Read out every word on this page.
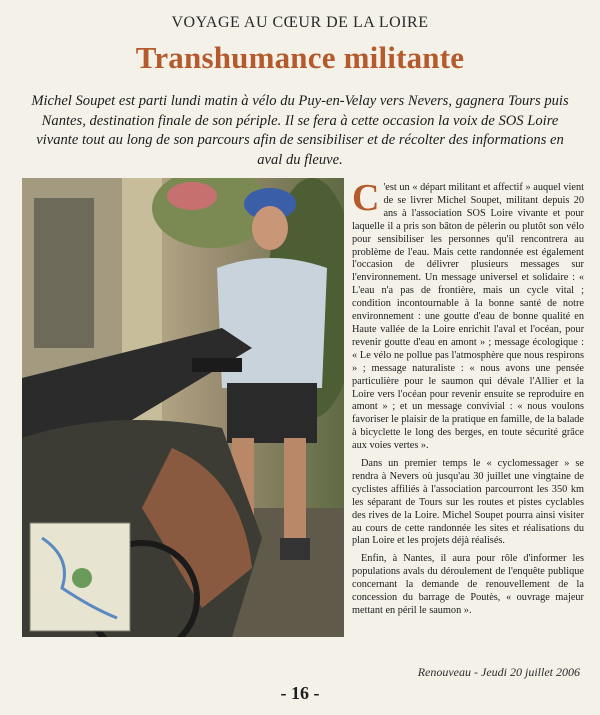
VOYAGE AU CŒUR DE LA LOIRE
Transhumance militante

Michel Soupet est parti lundi matin à vélo du Puy-en-Velay vers Nevers, gagnera Tours puis Nantes, destination finale de son périple. Il se fera à cette occasion la voix de SOS Loire vivante tout au long de son parcours afin de sensibiliser et de récolter des informations en aval du fleuve.

C 'est un « départ militant et affectif » auquel vient de se livrer Michel Soupet, militant depuis 20 ans à l'association SOS Loire vivante et pour laquelle il a pris son bâton de pèlerin ou plutôt son vélo pour sensibiliser les personnes qu'il rencontrera au problème de l'eau. Mais cette randonnée est également l'occasion de délivrer plusieurs messages sur l'environnement. Un message universel et solidaire : « L'eau n'a pas de frontière, mais un cycle vital ; condition incontournable à la bonne santé de notre environnement : une goutte d'eau de bonne qualité en Haute vallée de la Loire enrichit l'aval et l'océan, pour revenir goutte d'eau en amont » ; message écologique : « Le vélo ne pollue pas l'atmosphère que nous respirons » ; message naturaliste : « nous avons une pensée particulière pour le saumon qui dévale l'Allier et la Loire vers l'océan pour revenir ensuite se reproduire en amont » ; et un message convivial : « nous voulons favoriser le plaisir de la pratique en famille, de la balade à bicyclette le long des berges, en toute sécurité grâce aux voies vertes ».

Dans un premier temps le « cyclomessager » se rendra à Nevers où jusqu'au 30 juillet une vingtaine de cyclistes affiliés à l'association parcourront les 350 km les séparant de Tours sur les routes et pistes cyclables des rives de la Loire. Michel Soupet pourra ainsi visiter au cours de cette randonnée les sites et réalisations du plan Loire et les projets déjà réalisés.

Enfin, à Nantes, il aura pour rôle d'informer les populations avals du déroulement de l'enquête publique concernant la demande de renouvellement de la concession du barrage de Poutès, « ouvrage majeur mettant en péril le saumon ».

Renouveau - Jeudi 20 juillet 2006
- 16 -
